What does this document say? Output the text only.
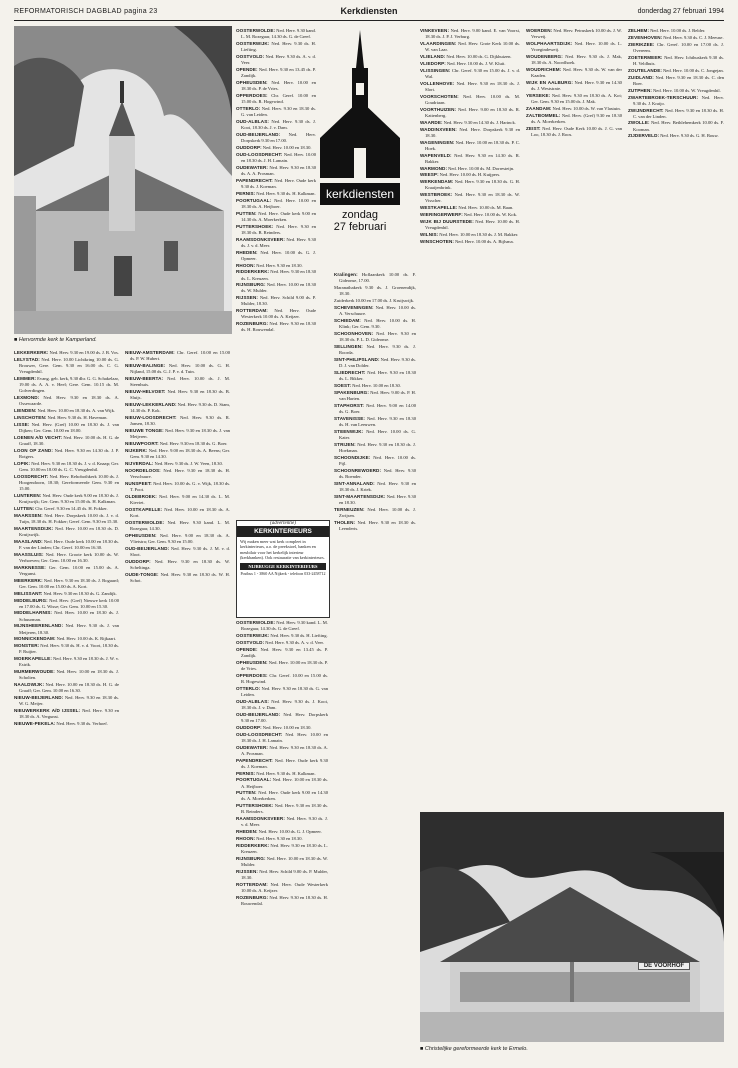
REFORMATORISCH DAGBLAD pagina 23	Kerkdiensten	donderdag 27 februari 1994
■ Hervormde kerk te Kamperland.
kerkdiensten
zondag
27 februari
(advertentie)
KERKINTERIEURS
Wij maken meer wat kerk compleet in kerkinterieurs, a.o. de preekstoel, banken en meubilair voor het kerkelijk interieur (kerkbanken). Ook restauratie van kerkinterieurs.
NIJBRUGGE KERKINTERIEURS
Postbus 1 - 3860 AA Nijkerk - telefoon 033-2458712

LEKKERKERK: Ned. Herv. 9.30 en 19.00 ds. J. B. Vos.

LELYSTAD: Ned. Herv. 10.00 Lichtkring 10.00 ds. G. Brouwer, Gere. Gem. 9.30 en 16.00 ds. C. G. Vreugdenhil.

LEMMER: Evang. geb. kerk, 9.30 dhr. G. G. Schakelaar, 19.00 ds. A. A. v. Heel; Gere. Gem. 10.15 ds. M. Golverdingen.

LEXMOND: Ned. Herv. 9.30 en 18.30 ds. A. Ossewaarde.

LIENDEN: Ned. Herv. 10.00 en 18.30 ds. A. van Wijk.

LINSCHOTEN: Ned. Herv. 9.30 ds. H. Haveman.

LISSE: Ned. Herv. (Gref) 10.00 en 18.30 ds. J. van Dijken; Ger. Gem. 10.00 en 18.00.

LOENEN A/D VECHT: Ned. Herv. 10.00 ds. H. G. de Graaff, 18.30.

LOON OP ZAND: Ned. Herv. 9.30 en 14.30 ds. J. P. Rotgers.

LOPIK: Ned. Herv. 9.30 en 18.30 ds. J. v. d. Knaap; Ger. Gem. 10.00 en 18.00 ds. G. C. Vreugdenhil.

LOOSDRECHT: Ned. Herv. Rehobothkerk 10.00 ds. J. Hoogendoorn, 18.30; Gereformeerde Gem. 9.30 en 15.00.

LUNTEREN: Ned. Herv. Oude kerk 9.00 en 18.30 ds. J. Kruijswijk; Ger. Gem. 9.30 en 15.00 ds. H. Kalkman.

LUTTEN: Chr. Geref. 9.30 en 14.45 ds. H. Fokker.

MAARSSEN: Ned. Herv. Dorpskerk 10.00 ds. J. v. d. Tuijn, 18.30 ds. H. Fokker; Geref. Gem. 9.30 en 15.30.

MAARTENSDIJK: Ned. Herv. 10.00 en 18.30 ds. D. Kruijswijk.

MAASLAND: Ned. Herv. Oude kerk 10.00 en 18.30 ds. F. van der Linden; Chr. Geref. 10.00 en 16.30.

MAASSLUIS: Ned. Herv. Groote kerk 10.00 ds. W. Verhoeven; Ger. Gem. 10.00 en 16.30.

MARKNESSE: Ger. Gem. 10.00 en 15.00 ds. A. Vergunst.

MEERKERK: Ned. Herv. 9.30 en 18.30 ds. J. Bogaard; Ger. Gem. 10.00 en 15.00 ds. A. Kort.

MELISSANT: Ned. Herv. 9.30 en 18.30 ds. G. Zandijk.

MIDDELBURG: Ned. Herv. (Gref) Nieuwe kerk 10.00 en 17.00 ds. G. Wisse; Ger. Gem. 10.00 en 15.30.

MIDDELHARNIS: Ned. Herv. 10.00 en 18.30 ds. J. Schuurman.

MIJNSHEERENLAND: Ned. Herv. 9.30 ds. J. van Meijeren, 18.30.

MONNICKENDAM: Ned. Herv. 10.00 ds. K. Rijkaart.

MONSTER: Ned. Herv. 9.30 ds. H. v. d. Voort, 18.30 ds. P. Ruijter.

MOERKAPELLE: Ned. Herv. 9.30 en 18.30 ds. J. W. v. Estrik.

MURMERWOUDE: Ned. Herv. 10.00 en 18.30 ds. J. Scholten.

NAALDWIJK: Ned. Herv. 10.00 en 18.30 ds. H. G. de Graaff; Ger. Gem. 10.00 en 16.30.

NIEUW-BEIJERLAND: Ned. Herv. 9.30 en 18.30 ds. W. G. Meijer.

NIEUWERKERK A/D IJSSEL: Ned. Herv. 9.30 en 18.30 ds. A. Vergunst.

NIEUWE-PEKELA: Ned. Herv. 9.30 ds. Verhoef.

NIEUW-AMSTERDAM: Chr. Geref. 10.00 en 15.00 ds. P. W. Hubert.

NIEUW-BALINGE: Ned. Herv. 10.00 ds. G. H. Nijland, 15.00 ds. G. J. P. v. d. Tuin.

NIEUW-BEERTA: Ned. Herv. 10.00 ds. J. M. Steenhuis.

NIEUW-HELVOET: Ned. Herv. 9.30 en 18.30 ds. B. Sluijs.

NIEUW-LEKKERLAND: Ned. Herv. 9.30 ds. D. Stam, 14.30 ds. P. Kok.

NIEUW-LOOSDRECHT: Ned. Herv. 9.30 ds. R. Jansen, 18.30.

NIEUWE TONGE: Ned. Herv. 9.30 en 18.30 ds. J. van Meijeren.

NIEUWPOORT: Ned. Herv. 9.30 en 18.30 ds. G. Boer.

NIJKERK: Ned. Herv. 9.00 en 18.30 ds. A. Beens; Ger. Gem. 9.30 en 14.30.

NIJVERDAL: Ned. Herv. 9.30 ds. J. W. Veen, 18.30.

NOORDELOOS: Ned. Herv. 9.30 en 18.30 ds. H. Verschuure.

NUNSPEET: Ned. Herv. 10.00 ds. G. v. Wijk, 18.30 ds. T. Poot.

OLDEBROEK: Ned. Herv. 9.00 en 14.30 ds. L. M. Kieviet.

OOSTKAPELLE: Ned. Herv. 10.00 en 18.30 ds. A. Kort.

OOSTERWOLDE: Ned. Herv. 9.30 kand. L. M. Rozegaar, 14.30.

OPHEUSDEN: Ned. Herv. 9.00 en 18.30 ds. A. Vlietstra; Ger. Gem. 9.30 en 15.00.

OUD-BEIJERLAND: Ned. Herv. 9.30 ds. J. M. v. d. Sloot.

OUDDORP: Ned. Herv. 9.30 en 18.30 ds. W. Scheltinga.

OUDE-TONGE: Ned. Herv. 9.30 en 18.30 ds. W. H. Schot.

OOSTERWOLDE: Ned. Herv. 9.30 kand. L. M. Rozegaar, 14.30 ds. G. de Greef.

OOSTERWIJK: Ned. Herv. 9.30 ds. H. Liefting.

OOSTVOLD: Ned. Herv. 9.30 ds. A. v. d. Veer.

OPENDE: Ned. Herv. 9.30 en 13.45 ds. P. Zandijk.

OPHEUSDEN: Ned. Herv. 10.00 en 18.30 ds. P. de Vries.

OPPERDOES: Chr. Geref. 10.00 en 15.00 ds. R. Hogewind.

OTTERLO: Ned. Herv. 9.30 en 18.30 ds. G. van Leiden.

OUD-ALBLAS: Ned. Herv. 9.30 ds. J. Kooi, 18.30 ds. J. v. Dam.

OUD-BEIJERLAND: Ned. Herv. Dorpskerk 9.30 en 17.00.

OUDDORP: Ned. Herv. 10.00 en 18.30.

OUD-LOOSDRECHT: Ned. Herv. 10.00 en 18.30 ds. J. H. Lamain.

OUDEWATER: Ned. Herv. 9.30 en 18.30 ds. A. A. Prosman.

PAPENDRECHT: Ned. Herv. Oude kerk 9.30 ds. J. Koeman.

PERNIS: Ned. Herv. 9.30 ds. H. Kalkman.

POORTUGAAL: Ned. Herv. 10.00 en 18.30 ds. A. Heijboer.

PUTTEN: Ned. Herv. Oude kerk 9.00 en 14.30 ds. A. Moerkerken.

PUTTERSHOEK: Ned. Herv. 9.30 en 18.30 ds. B. Reinders.

RAAMSDONKSVEER: Ned. Herv. 9.30 ds. J. v. d. Meer.

RHEDEN: Ned. Herv. 10.00 ds. G. J. Opmeer.

RHOON: Ned. Herv. 9.30 en 18.30.

RIDDERKERK: Ned. Herv. 9.30 en 18.30 ds. L. Kreuzen.

RIJNSBURG: Ned. Herv. 10.00 en 18.30 ds. W. Mulder.

RIJSSEN: Ned. Herv. Schild 9.00 ds. P. Mulder, 18.30.

ROTTERDAM: Ned. Herv. Oude Westerkerk 10.00 ds. A. Keijzer.

ROZENBURG: Ned. Herv. 9.30 en 18.30 ds. H. Rouwendal.

OOSTERWOLDE: Ned. Herv. 9.30 kand. L. M. Rozegaar, 14.30 ds. G. de Greef.

OOSTERWIJK: Ned. Herv. 9.30 ds. H. Liefting.

OOSTVOLD: Ned. Herv. 9.30 ds. A. v. d. Veer.

OPENDE: Ned. Herv. 9.30 en 13.45 ds. P. Zandijk.

OPHEUSDEN: Ned. Herv. 10.00 en 18.30 ds. P. de Vries.

OPPERDOES: Chr. Geref. 10.00 en 15.00 ds. R. Hogewind.

OTTERLO: Ned. Herv. 9.30 en 18.30 ds. G. van Leiden.

OUD-ALBLAS: Ned. Herv. 9.30 ds. J. Kooi, 18.30 ds. J. v. Dam.

OUD-BEIJERLAND: Ned. Herv. Dorpskerk 9.30 en 17.00.

OUDDORP: Ned. Herv. 10.00 en 18.30.

OUD-LOOSDRECHT: Ned. Herv. 10.00 en 18.30 ds. J. H. Lamain.

OUDEWATER: Ned. Herv. 9.30 en 18.30 ds. A. A. Prosman.

PAPENDRECHT: Ned. Herv. Oude kerk 9.30 ds. J. Koeman.

PERNIS: Ned. Herv. 9.30 ds. H. Kalkman.

POORTUGAAL: Ned. Herv. 10.00 en 18.30 ds. A. Heijboer.

PUTTEN: Ned. Herv. Oude kerk 9.00 en 14.30 ds. A. Moerkerken.

PUTTERSHOEK: Ned. Herv. 9.30 en 18.30 ds. B. Reinders.

RAAMSDONKSVEER: Ned. Herv. 9.30 ds. J. v. d. Meer.

RHEDEN: Ned. Herv. 10.00 ds. G. J. Opmeer.

RHOON: Ned. Herv. 9.30 en 18.30.

RIDDERKERK: Ned. Herv. 9.30 en 18.30 ds. L. Kreuzen.

RIJNSBURG: Ned. Herv. 10.00 en 18.30 ds. W. Mulder.

RIJSSEN: Ned. Herv. Schild 9.00 ds. P. Mulder, 18.30.

ROTTERDAM: Ned. Herv. Oude Westerkerk 10.00 ds. A. Keijzer.

ROZENBURG: Ned. Herv. 9.30 en 18.30 ds. H. Rouwendal.

Kralingen: Hoflaankerk 10.00 ds. F. Gideonse, 17.00.

Maranathakerk 9.30 ds. J. Groenendijk, 18.30.

Zuiderkerk 10.00 en 17.00 ds. J. Kruijswijk.

SCHEVENINGEN: Ned. Herv. 10.00 ds. A. Verschuure.

SCHIEDAM: Ned. Herv. 10.00 ds. H. Klink; Ger. Gem. 9.30.

SCHOONHOVEN: Ned. Herv. 9.30 en 18.30 ds. P. L. D. Gideonse.

SELLINGEN: Ned. Herv. 9.30 ds. J. Roorda.

SINT-PHILIPSLAND: Ned. Herv. 9.30 ds. D. J. van Dolder.

SLIEDRECHT: Ned. Herv. 9.30 en 18.30 ds. L. Bikker.

SOEST: Ned. Herv. 10.00 en 18.30.

SPAKENBURG: Ned. Herv. 9.00 ds. P. H. van Harten.

STAPHORST: Ned. Herv. 9.00 en 14.00 ds. G. Boer.

STAVENISSE: Ned. Herv. 9.30 en 18.30 ds. H. van Leeuwen.

STEENWIJK: Ned. Herv. 10.00 ds. G. Kater.

STRIJEN: Ned. Herv. 9.30 en 18.30 ds. J. Hoekman.

SCHOONDIJKE: Ned. Herv. 10.00 ds. Pijl.

SCHOONREWOERD: Ned. Herv. 9.30 ds. Boender.

SINT-ANNALAND: Ned. Herv. 9.30 en 18.30 ds. J. Kriek.

SINT-MAARTENSDIJK: Ned. Herv. 9.30 en 18.30.

TERNEUZEN: Ned. Herv. 10.00 ds. J. Zwijsen.

THOLEN: Ned. Herv. 9.30 en 18.30 ds. Leenderts.

VINKEVEEN: Ned. Herv. 9.00 kand. E. van Voorst, 18.30 ds. J. P. J. Verburg.

VLAARDINGEN: Ned. Herv. Grote Kerk 10.00 ds. W. van Laar.

VLIELAND: Ned. Herv. 10.00 ds. G. Dijkhuizen.

VLIEDORP: Ned. Herv. 10.00 ds. J. W. Kluit.

VLISSINGEN: Chr. Geref. 9.30 en 15.00 ds. J. v. d. Wal.

VOLLENHOVE: Ned. Herv. 9.30 en 18.30 ds. J. Slort.

VOORSCHOTEN: Ned. Herv. 10.00 ds. M. Goudriaan.

VOORTHUIZEN: Ned. Herv. 9.00 en 18.30 ds. R. Kattenberg.

WAARDE: Ned. Herv. 9.30 en 14.30 ds. J. Harinck.

WADDINXVEEN: Ned. Herv. Dorpskerk 9.30 en 18.30.

WAGENINGEN: Ned. Herv. 10.00 en 18.30 ds. P. C. Hoek.

WAPENVELD: Ned. Herv. 9.30 en 14.30 ds. R. Bakker.

WARMOND: Ned. Herv. 10.00 ds. M. Dorresteijn.

WEESP: Ned. Herv. 10.00 ds. H. Kuijpers.

WERKENDAM: Ned. Herv. 9.30 en 18.30 ds. G. H. Kraaijenbrink.

WESTBROEK: Ned. Herv. 9.30 en 18.30 ds. W. Visscher.

WESTKAPELLE: Ned. Herv. 10.00 ds. M. Baan.

WIERINGERWERF: Ned. Herv. 10.00 ds. W. Kok.

WIJK BIJ DUURSTEDE: Ned. Herv. 10.00 ds. H. Vreugdenhil.

WILNIS: Ned. Herv. 10.00 en 18.30 ds. J. M. Bakker.

WINSCHOTEN: Ned. Herv. 10.00 ds. A. Bijlsma.

WOERDEN: Ned. Herv. Petruskerk 10.00 ds. J. W. Verweij.

WOLPHAARTSDIJK: Ned. Herv. 10.00 ds. L. Vroegindeweij.

WOUDENBERG: Ned. Herv. 9.30 ds. J. Mak, 18.30 ds. A. Noordhoek.

WOUDRICHEM: Ned. Herv. 9.30 ds. W. van der Kaaden.

WIJK EN AALBURG: Ned. Herv. 9.30 en 14.30 ds. J. Weststrate.

YERSEKE: Ned. Herv. 9.30 en 18.30 ds. A. Kot; Ger. Gem. 9.30 en 15.00 ds. J. Mak.

ZAANDAM: Ned. Herv. 10.00 ds. W. van Vlastuin.

ZALTBOMMEL: Ned. Herv. (Gref) 9.30 en 18.30 ds. A. Moerkerken.

ZEIST: Ned. Herv. Oude Kerk 10.00 ds. J. G. van Loo, 18.30 ds. J. Roos.

ZELHEM: Ned. Herv. 10.00 ds. J. Belder.

ZEVENHOVEN: Ned. Herv. 9.30 ds. C. J. Meeuse.

ZIERIKZEE: Chr. Geref. 10.00 en 17.00 ds. J. Overeem.

ZOETERMEER: Ned. Herv. Ichthuskerk 9.30 ds. H. Veldhuis.

ZOUTELANDE: Ned. Herv. 10.00 ds. C. Jongejan.

ZUIDLAND: Ned. Herv. 9.30 en 18.30 ds. C. den Boer.

ZUTPHEN: Ned. Herv. 10.00 ds. W. Vreugdenhil.

ZWARTEBROEK-TERSCHUUR: Ned. Herv. 9.30 ds. J. Kraijo.

ZWIJNDRECHT: Ned. Herv. 9.30 en 18.30 ds. H. C. van der Linden.

ZWOLLE: Ned. Herv. Bethlehemkerk 10.00 ds. F. Kooman.

ZIJDERVELD: Ned. Herv. 9.30 ds. G. H. Bouw.

DE VOORHOF
■ Christelijke gereformeerde kerk te Ermelo.
